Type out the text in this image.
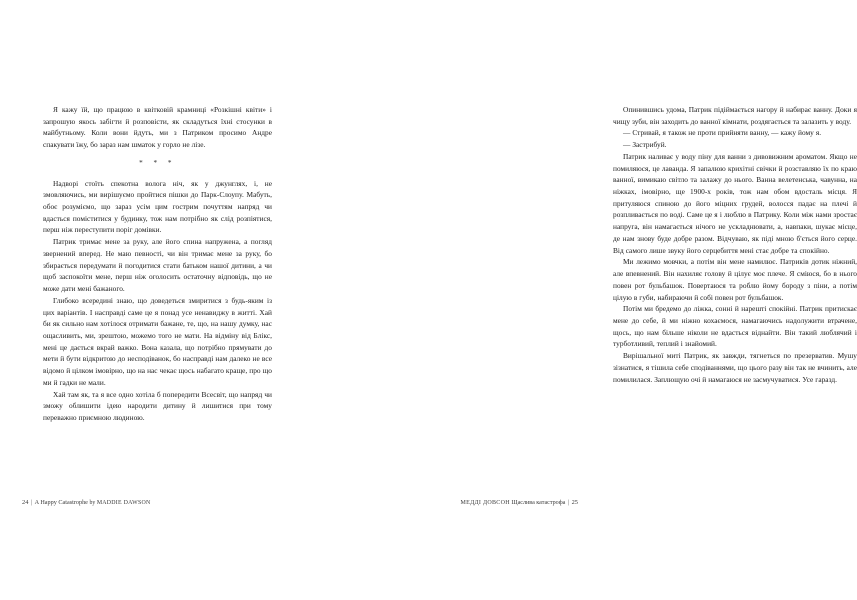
Я кажу їй, що працюю в квітковій крамниці «Розкішні квіти» і запрошую якось забігти й розповісти, як складуться їхні стосунки в майбутньому. Коли вони йдуть, ми з Патриком просимо Андре спакувати їжу, бо зараз нам шматок у горло не лізе.

* * *

Надворі стоїть спекотна волога ніч, як у джунглях, і, не змовляючись, ми вирішуємо пройтися пішки до Парк-Слоупу. Мабуть, обоє розуміємо, що зараз усім цим гострим почуттям напряд чи вдасться поміститися у будинку, тож нам потрібно як слід розпіятися, перш ніж переступити поріг домівки.

Патрик тримає мене за руку, але його спина напружена, а погляд звернений вперед. Не маю певності, чи він тримає мене за руку, бо збирається передумати й погодитися стати батьком нашої дитини, а чи щоб заспокоїти мене, перш ніж оголосить остаточну відповідь, що не може дати мені бажаного.

Глибоко всередині знаю, що доведеться змиритися з будь-яким із цих варіантів. І насправді саме це я понад усе ненавиджу в житті. Хай би як сильно нам хотілося отримати бажане, те, що, на нашу думку, нас ощасливить, ми, зрештою, можемо того не мати. На відміну від Блікс, мені це дається вкрай важко. Вона казала, що потрібно прямувати до мети й бути відкритою до несподіванок, бо насправді нам далеко не все відомо й цілком імовірно, що на нас чекає щось набагато краще, про що ми й гадки не мали.

Хай там як, та я все одно хотіла б попередити Всесвіт, що напряд чи зможу облишити ідею народити дитину й лишитися при тому переважно приємною людиною.

24 | A Happy Catastrophe by MADDIE DAWSON

Опинившись удома, Патрик підіймається нагору й набирає ванну. Доки я чищу зуби, він заходить до ванної кімнати, роздягається та залазить у воду.

— Стривай, я також не проти прийняти ванну, — кажу йому я.

— Застрибуй.

Патрик наливає у воду піну для ванни з дивовижним ароматом. Якщо не помиляюся, це лаванда. Я запалюю крихітні свічки й розставляю їх по краю ванної, вимикаю світло та залажу до нього. Ванна велетенська, чавунна, на ніжках, імовірно, ще 1900-х років, тож нам обом вдосталь місця. Я притуляюся спиною до його міцних грудей, волосся падає на плечі й розпливається по воді. Саме це я і люблю в Патрику. Коли між нами зростає напруга, він намагається нічого не ускладнювати, а, навпаки, шукає місце, де нам знову буде добре разом. Відчуваю, як піді мною б'ється його серце. Від самого лише звуку його серцебиття мені стає добре та спокійно.

Ми лежимо мовчки, а потім він мене намилює. Патриків дотик ніжний, але впевнений. Він нахиляє голову й цілує моє плече. Я сміюся, бо в нього повен рот бульбашок. Повертаюся та роблю йому бороду з піни, а потім цілую в губи, набираючи й собі повен рот бульбашок.

Потім ми бредемо до ліжка, сонні й нарешті спокійні. Патрик притискає мене до себе, й ми ніжно кохаємося, намагаючись надолужити втрачене, щось, що нам більше ніколи не вдасться віднайти. Він такий люблячий і турботливий, теплий і знайомий.

Вирішальної миті Патрик, як завжди, тягнеться по презерватив. Мушу зізнатися, я тішила себе сподіваннями, що цього разу він так не вчинить, але помилилася. Заплющую очі й намагаюся не засмучуватися. Усе гаразд.

МЕДДІ ДОВСОН Щаслива катастрофа | 25
